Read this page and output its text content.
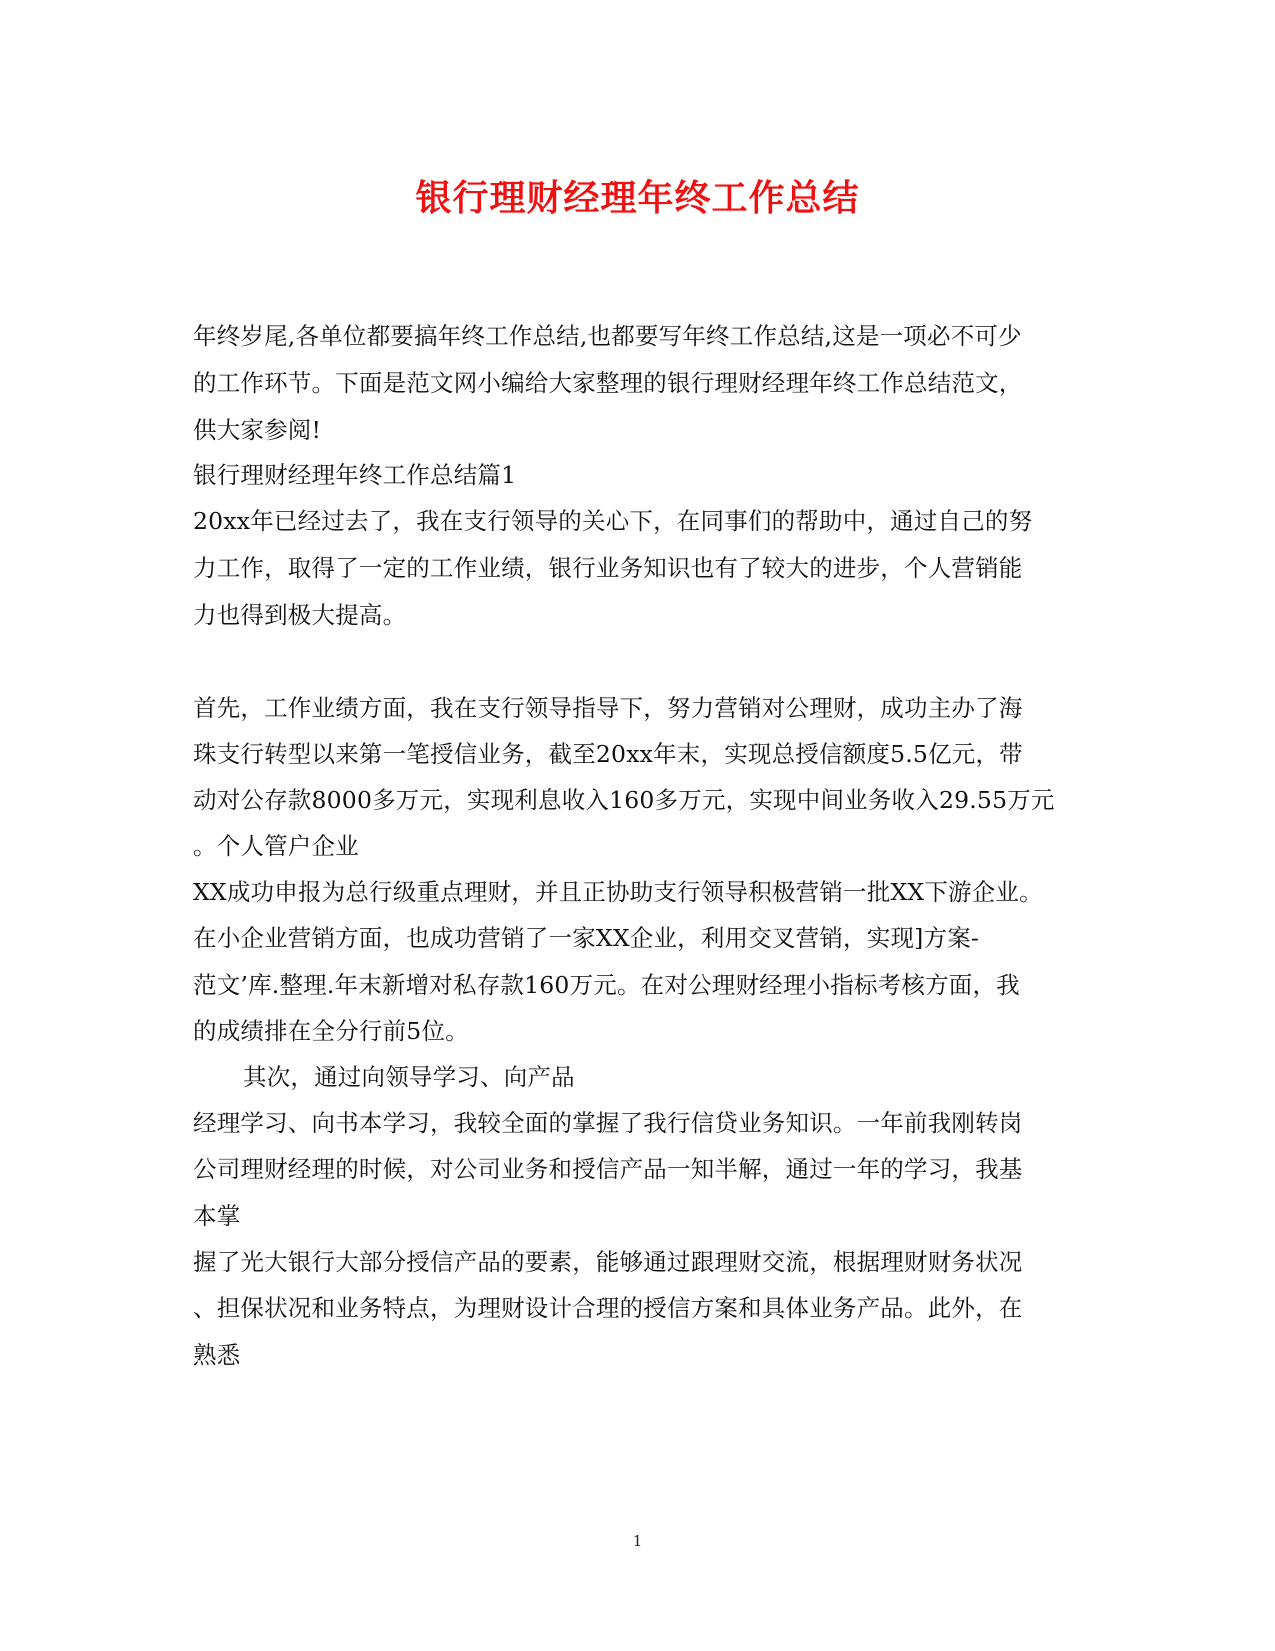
银行理财经理年终工作总结
年终岁尾,各单位都要搞年终工作总结,也都要写年终工作总结,这是一项必不可少
的工作环节。下面是范文网小编给大家整理的银行理财经理年终工作总结范文，
供大家参阅!
银行理财经理年终工作总结篇1
20xx年已经过去了，我在支行领导的关心下，在同事们的帮助中，通过自己的努
力工作，取得了一定的工作业绩，银行业务知识也有了较大的进步，个人营销能
力也得到极大提高。
首先，工作业绩方面，我在支行领导指导下，努力营销对公理财，成功主办了海
珠支行转型以来第一笔授信业务，截至20xx年末，实现总授信额度5.5亿元，带
动对公存款8000多万元，实现利息收入160多万元，实现中间业务收入29.55万元
。个人管户企业
XX成功申报为总行级重点理财，并且正协助支行领导积极营销一批XX下游企业。
在小企业营销方面，也成功营销了一家XX企业，利用交叉营销，实现]方案-
范文’库.整理.年末新增对私存款160万元。在对公理财经理小指标考核方面，我
的成绩排在全分行前5位。
其次，通过向领导学习、向产品
经理学习、向书本学习，我较全面的掌握了我行信贷业务知识。一年前我刚转岗
公司理财经理的时候，对公司业务和授信产品一知半解，通过一年的学习，我基
本掌
握了光大银行大部分授信产品的要素，能够通过跟理财交流，根据理财财务状况
、担保状况和业务特点，为理财设计合理的授信方案和具体业务产品。此外，在
熟悉
1
